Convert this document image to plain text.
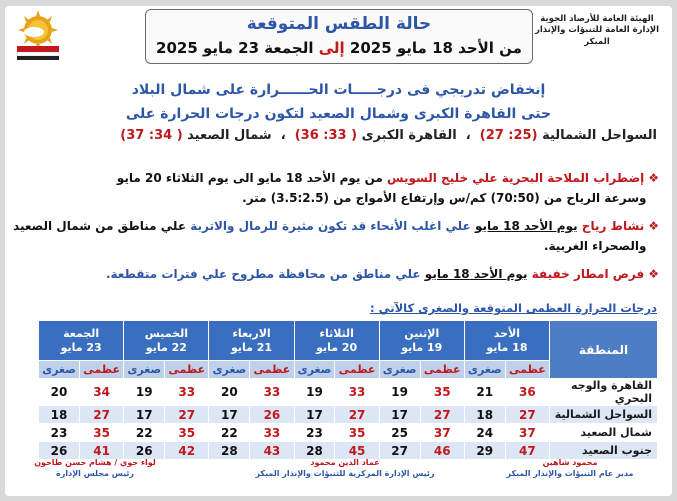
حالة الطقس المتوقعة
من الأحد 18 مايو 2025 إلى الجمعة 23 مايو 2025
الهيئة العامة للأرصاد الجوية
الإدارة العامة للتنبؤات والإنذار المبكر
إنخفاض تدريجي فى درجـــــات الحــــــرارة على شمال البلاد
حتى القاهرة الكبرى وشمال الصعيد لتكون درجات الحرارة على
السواحل الشمالية (25: 27)  ،  القاهرة الكبرى ( 33: 36)  ،  شمال الصعيد ( 34: 37)
❖إضطراب الملاحة البحرية علي خليج السويس من يوم الأحد 18 مايو الى يوم الثلاثاء 20 مايو
وسرعة الرياح من (70:50) كم/س وإرتفاع الأمواج من (3.5:2.5) متر.
❖نشاط رياح يوم الأحد 18 مايو علي اغلب الأنحاء قد تكون مثيرة للرمال والاتربة علي مناطق من شمال الصعيد
والصحراء الغربية.
❖فرص امطار خفيفة يوم الأحد 18 مايو علي مناطق من محافظة مطروح علي فترات متقطعة.
درجات الحرارة العظمى المتوقعة والصغرى كالآتي :
المنطقة	الأحد
18 مايو		الإثنين
19 مايو		الثلاثاء
20 مايو		الاربعاء
21 مايو		الخميس
22 مايو		الجمعة
23 مايو	
	عظمى	صغرى	عظمى	صغرى	عظمى	صغرى	عظمى	صغرى	عظمى	صغرى	عظمى	صغرى
القاهرة والوجه البحري	36	21	35	19	33	19	33	20	33	19	34	20
السواحل الشمالية	27	18	27	17	27	17	26	17	27	17	27	18
شمال الصعيد	37	24	37	25	35	23	33	22	35	22	35	23
جنوب الصعيد	47	29	46	27	45	28	43	28	42	26	41	26
محمود شاهين
مدير عام التنبؤات والإنذار المبكر
عماد الدين محمود
رئيس الإدارة المركزية للتنبؤات والإنذار المبكر
لواء جوي / هشام حسن طاحون
رئيس مجلس الإدارة
